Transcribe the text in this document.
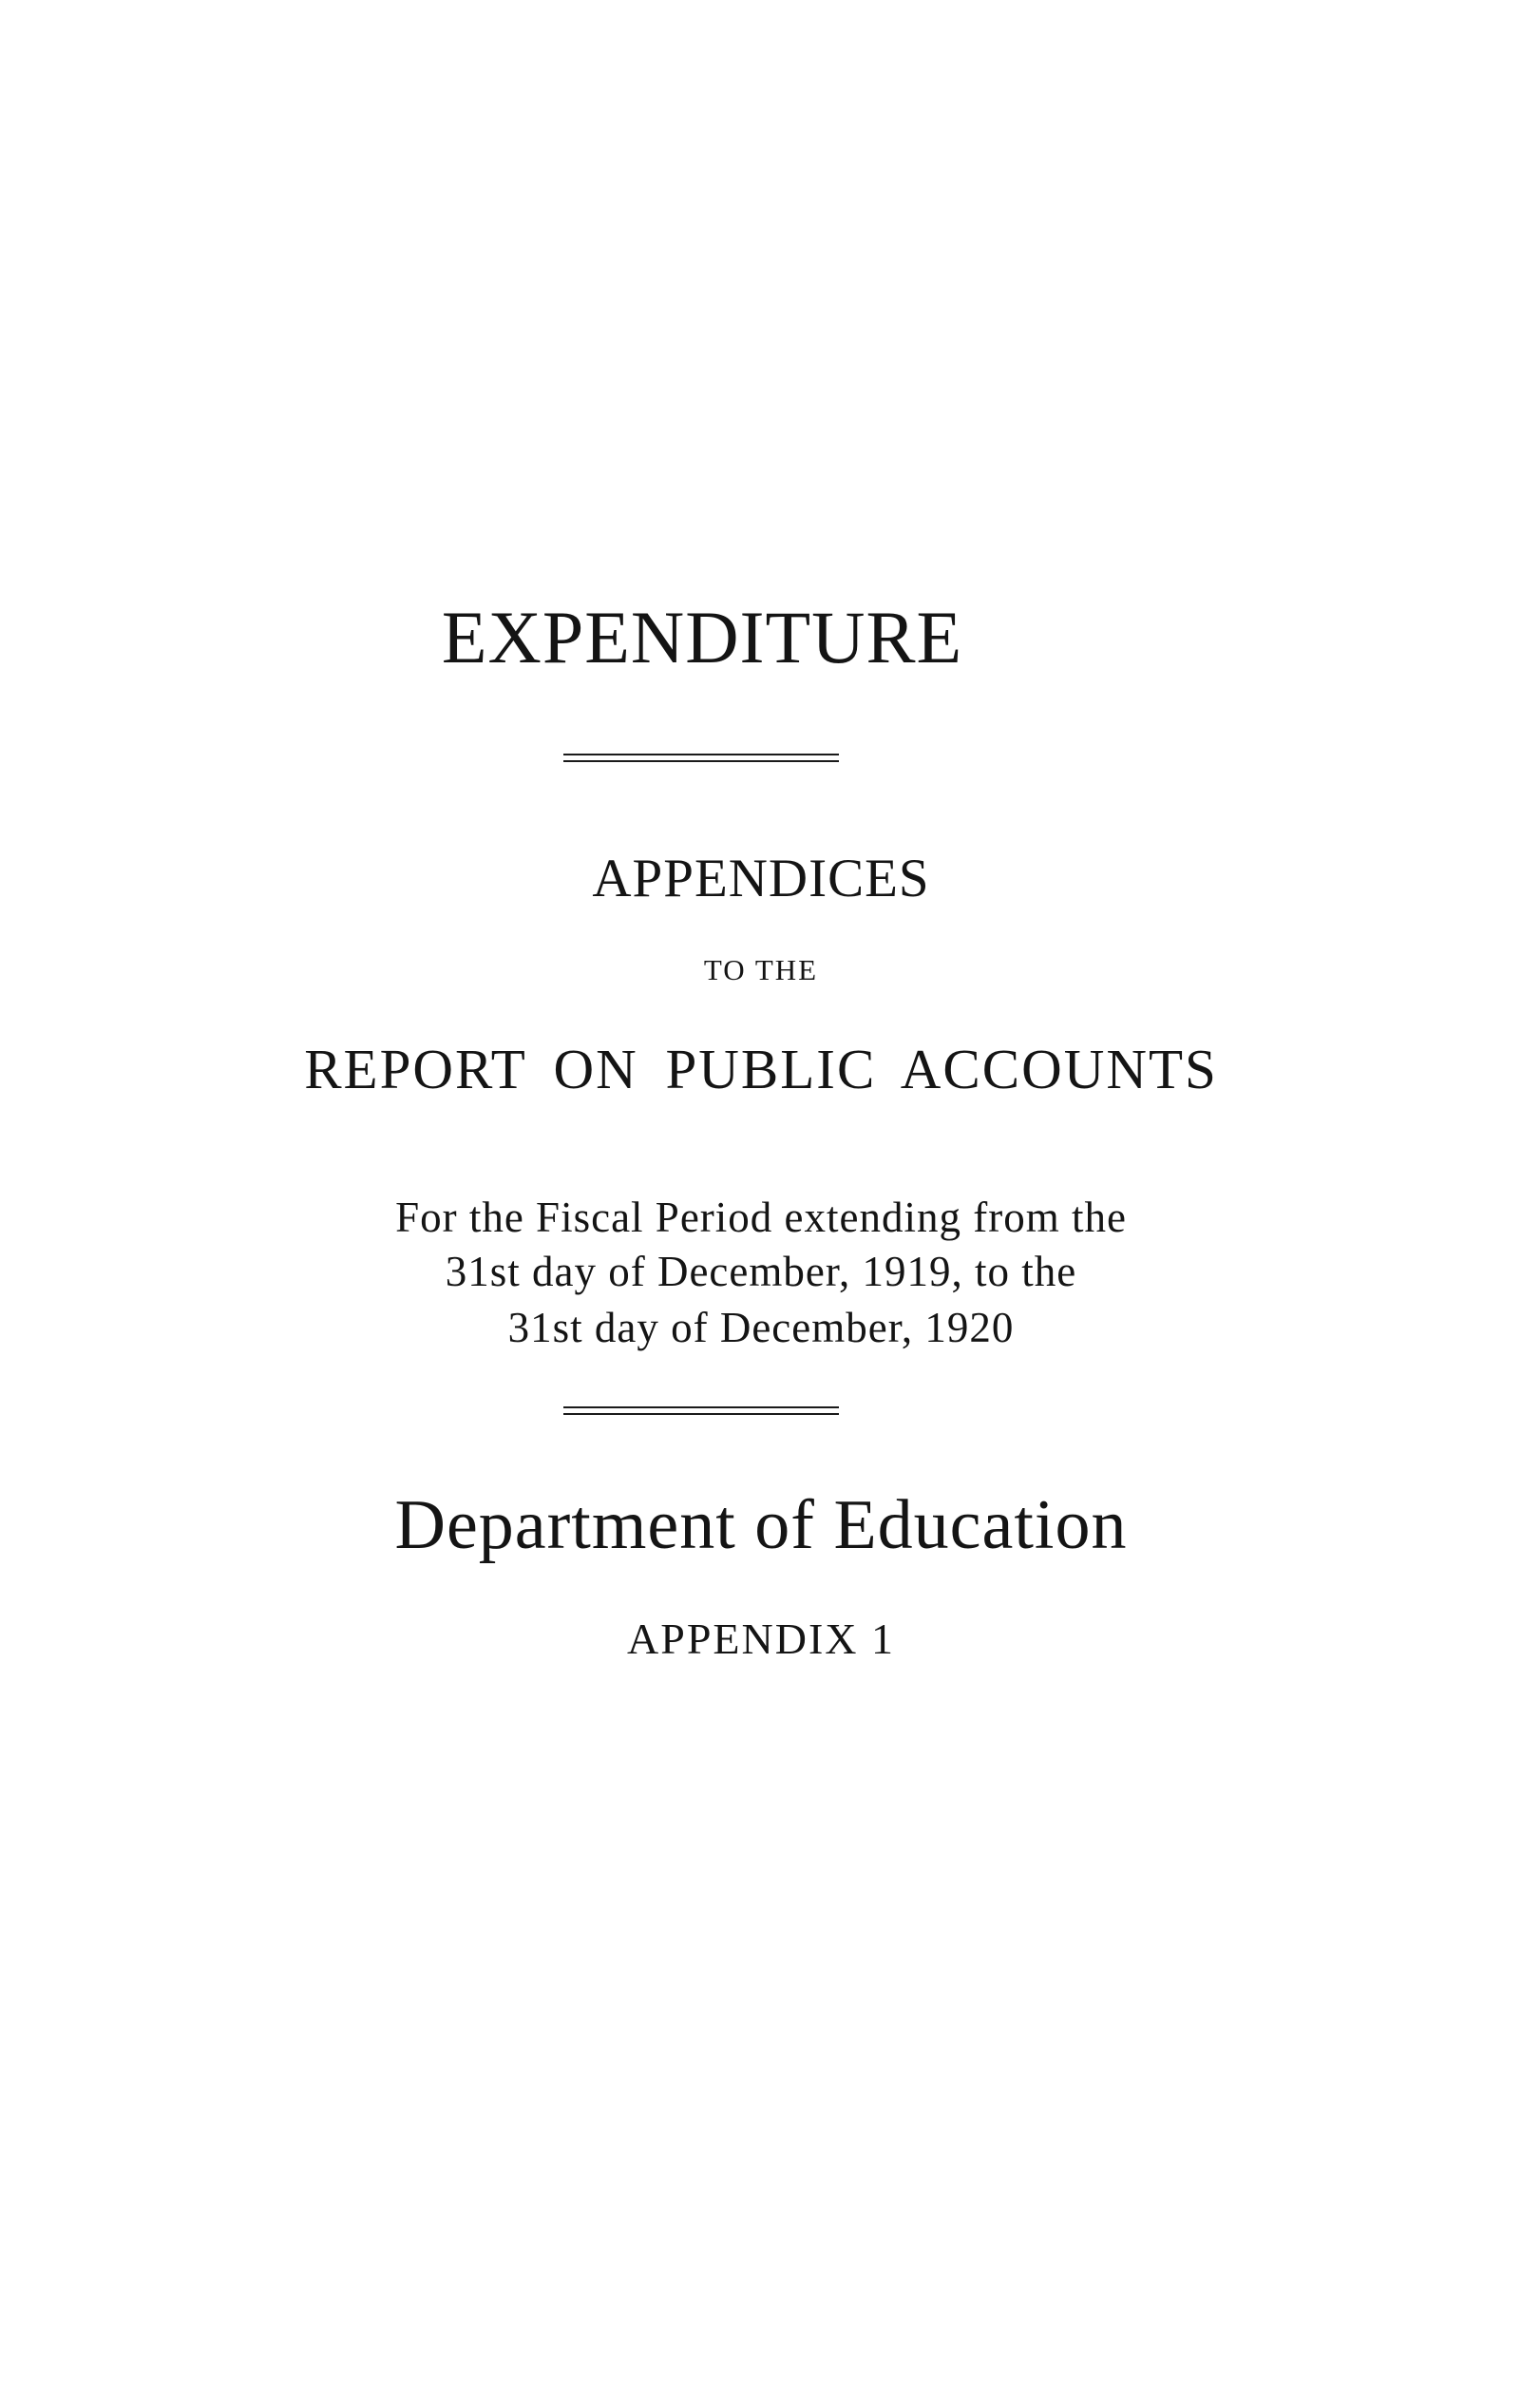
EXPENDITURE

APPENDICES

TO THE

REPORT ON PUBLIC ACCOUNTS

For the Fiscal Period extending from the

31st day of December, 1919, to the

31st day of December, 1920

Department of Education

APPENDIX 1
